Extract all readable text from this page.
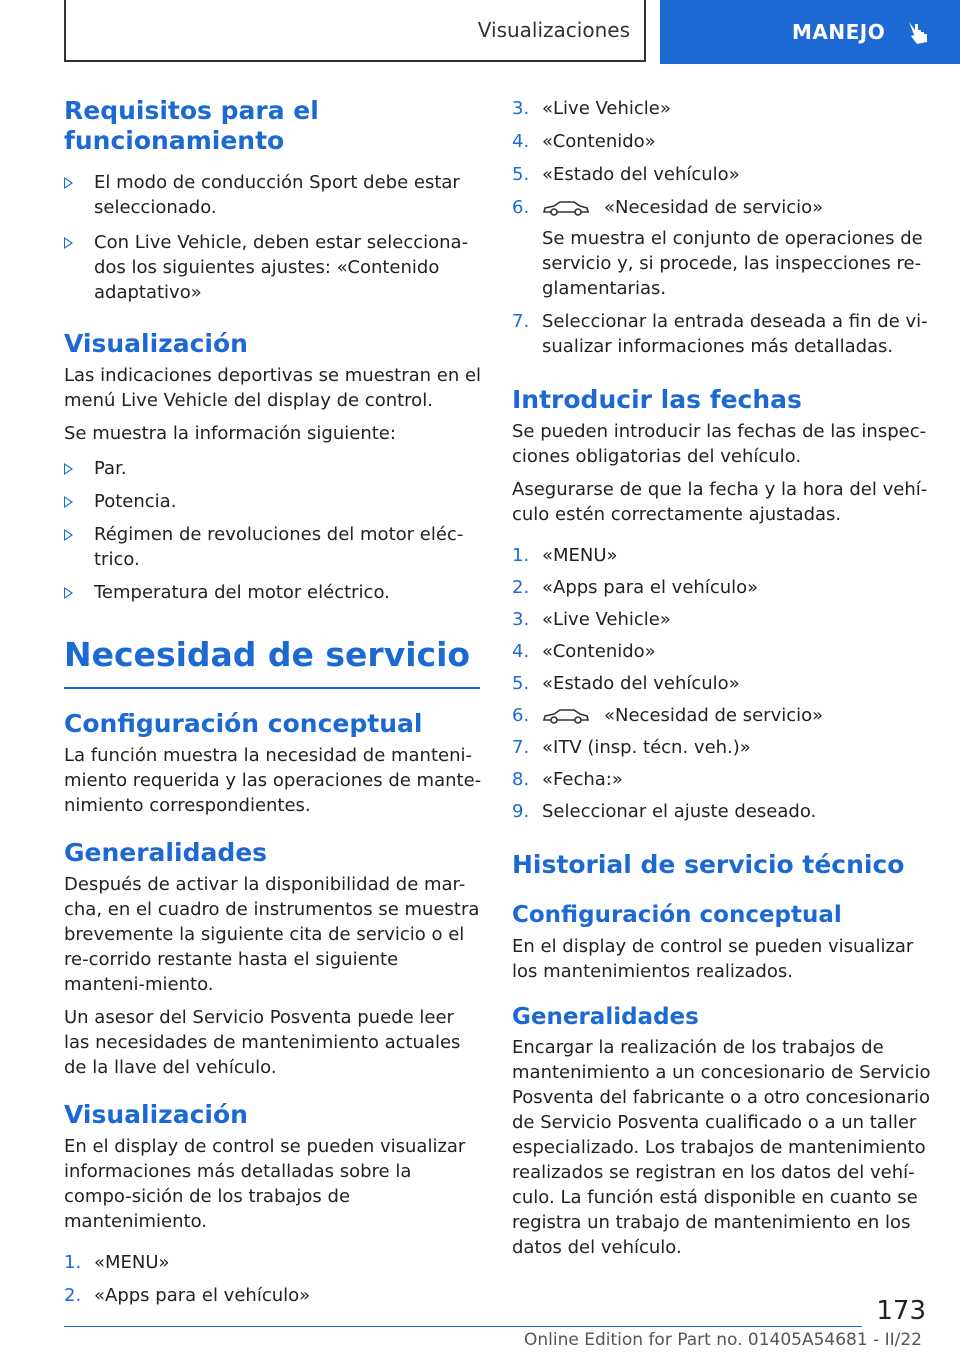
Visualizaciones	MANEJO
Requisitos para el funcionamiento
El modo de conducción Sport debe estar seleccionado.
Con Live Vehicle, deben estar selecciona-dos los siguientes ajustes: «Contenido adaptativo»
Visualización

Las indicaciones deportivas se muestran en el menú Live Vehicle del display de control.

Se muestra la información siguiente:

Par.
Potencia.
Régimen de revoluciones del motor eléc-trico.
Temperatura del motor eléctrico.
Necesidad de servicio
Configuración conceptual

La función muestra la necesidad de manteni-miento requerida y las operaciones de mante-nimiento correspondientes.

Generalidades

Después de activar la disponibilidad de mar-cha, en el cuadro de instrumentos se muestra brevemente la siguiente cita de servicio o el re-corrido restante hasta el siguiente manteni-miento.

Un asesor del Servicio Posventa puede leer las necesidades de mantenimiento actuales de la llave del vehículo.

Visualización

En el display de control se pueden visualizar informaciones más detalladas sobre la compo-sición de los trabajos de mantenimiento.

1. «MENU»
2. «Apps para el vehículo»
3. «Live Vehicle»
4. «Contenido»
5. «Estado del vehículo»
6.	«Necesidad de servicio»
Se muestra el conjunto de operaciones de servicio y, si procede, las inspecciones re-glamentarias.
7. Seleccionar la entrada deseada a fin de vi-sualizar informaciones más detalladas.
Introducir las fechas

Se pueden introducir las fechas de las inspec-ciones obligatorias del vehículo.

Asegurarse de que la fecha y la hora del vehí-culo estén correctamente ajustadas.

1. «MENU»
2. «Apps para el vehículo»
3. «Live Vehicle»
4. «Contenido»
5. «Estado del vehículo»
6.	«Necesidad de servicio»
7. «ITV (insp. técn. veh.)»
8. «Fecha:»
9. Seleccionar el ajuste deseado.
Historial de servicio técnico
Configuración conceptual

En el display de control se pueden visualizar los mantenimientos realizados.

Generalidades

Encargar la realización de los trabajos de mantenimiento a un concesionario de Servicio Posventa del fabricante o a otro concesionario de Servicio Posventa cualificado o a un taller especializado. Los trabajos de mantenimiento realizados se registran en los datos del vehí-culo. La función está disponible en cuanto se registra un trabajo de mantenimiento en los datos del vehículo.

173
Online Edition for Part no. 01405A54681 - II/22
